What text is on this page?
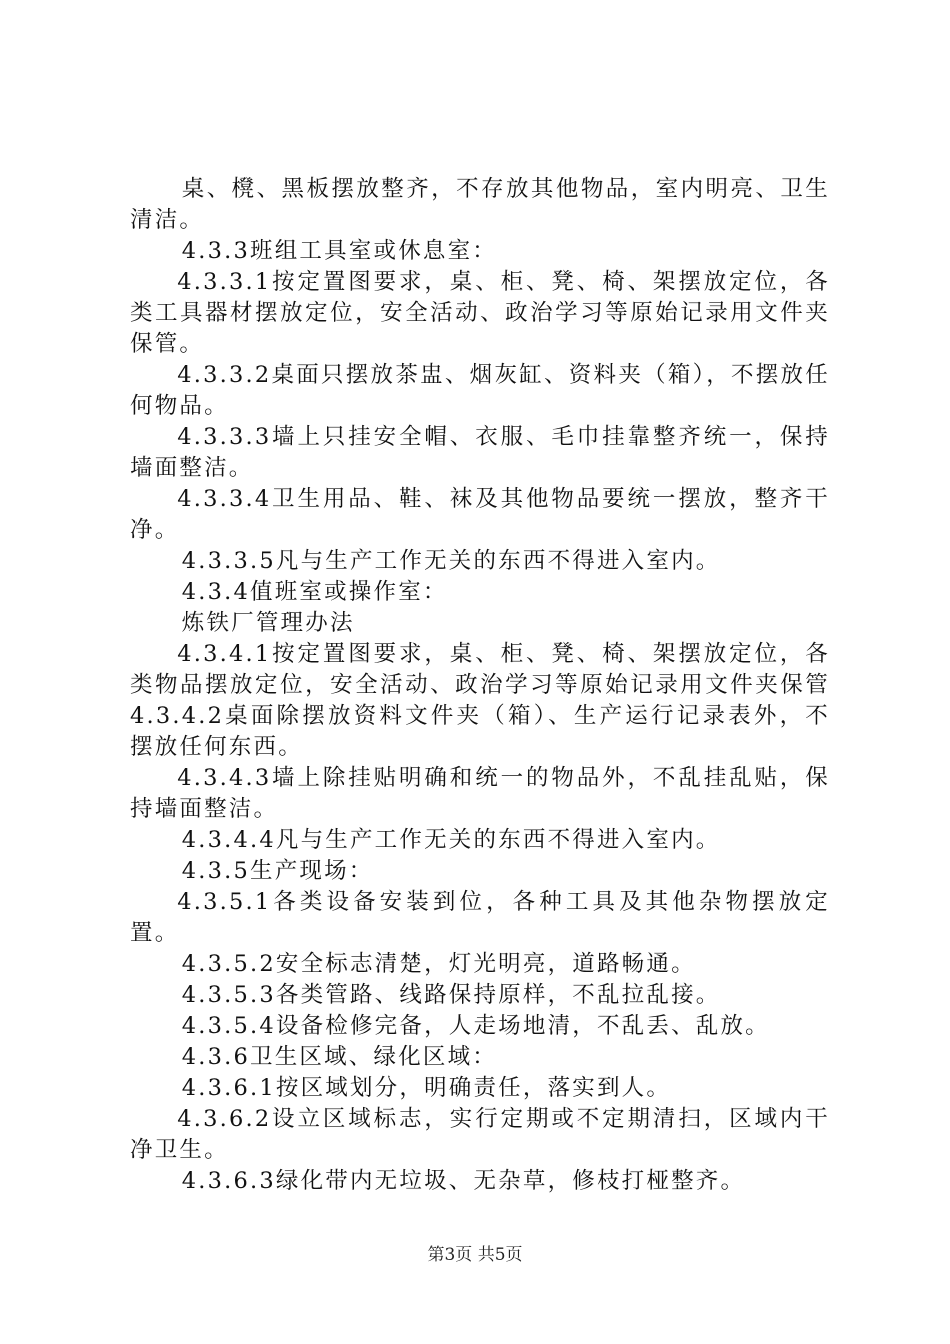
桌、櫈、黑板摆放整齐，不存放其他物品，室内明亮、卫生清洁。

4.3.3班组工具室或休息室：

4.3.3.1按定置图要求，桌、柜、凳、椅、架摆放定位，各类工具器材摆放定位，安全活动、政治学习等原始记录用文件夹保管。

4.3.3.2桌面只摆放茶盅、烟灰缸、资料夹（箱），不摆放任何物品。

4.3.3.3墙上只挂安全帽、衣服、毛巾挂靠整齐统一，保持墙面整洁。

4.3.3.4卫生用品、鞋、袜及其他物品要统一摆放，整齐干净。

4.3.3.5凡与生产工作无关的东西不得进入室内。

4.3.4值班室或操作室：

炼铁厂管理办法

4.3.4.1按定置图要求，桌、柜、凳、椅、架摆放定位，各类物品摆放定位，安全活动、政治学习等原始记录用文件夹保管4.3.4.2桌面除摆放资料文件夹（箱）、生产运行记录表外，不摆放任何东西。

4.3.4.3墙上除挂贴明确和统一的物品外，不乱挂乱贴，保持墙面整洁。

4.3.4.4凡与生产工作无关的东西不得进入室内。

4.3.5生产现场：

4.3.5.1各类设备安装到位，各种工具及其他杂物摆放定置。

4.3.5.2安全标志清楚，灯光明亮，道路畅通。

4.3.5.3各类管路、线路保持原样，不乱拉乱接。

4.3.5.4设备检修完备，人走场地清，不乱丢、乱放。

4.3.6卫生区域、绿化区域：

4.3.6.1按区域划分，明确责任，落实到人。

4.3.6.2设立区域标志，实行定期或不定期清扫，区域内干净卫生。

4.3.6.3绿化带内无垃圾、无杂草，修枝打桠整齐。

第3页 共5页
